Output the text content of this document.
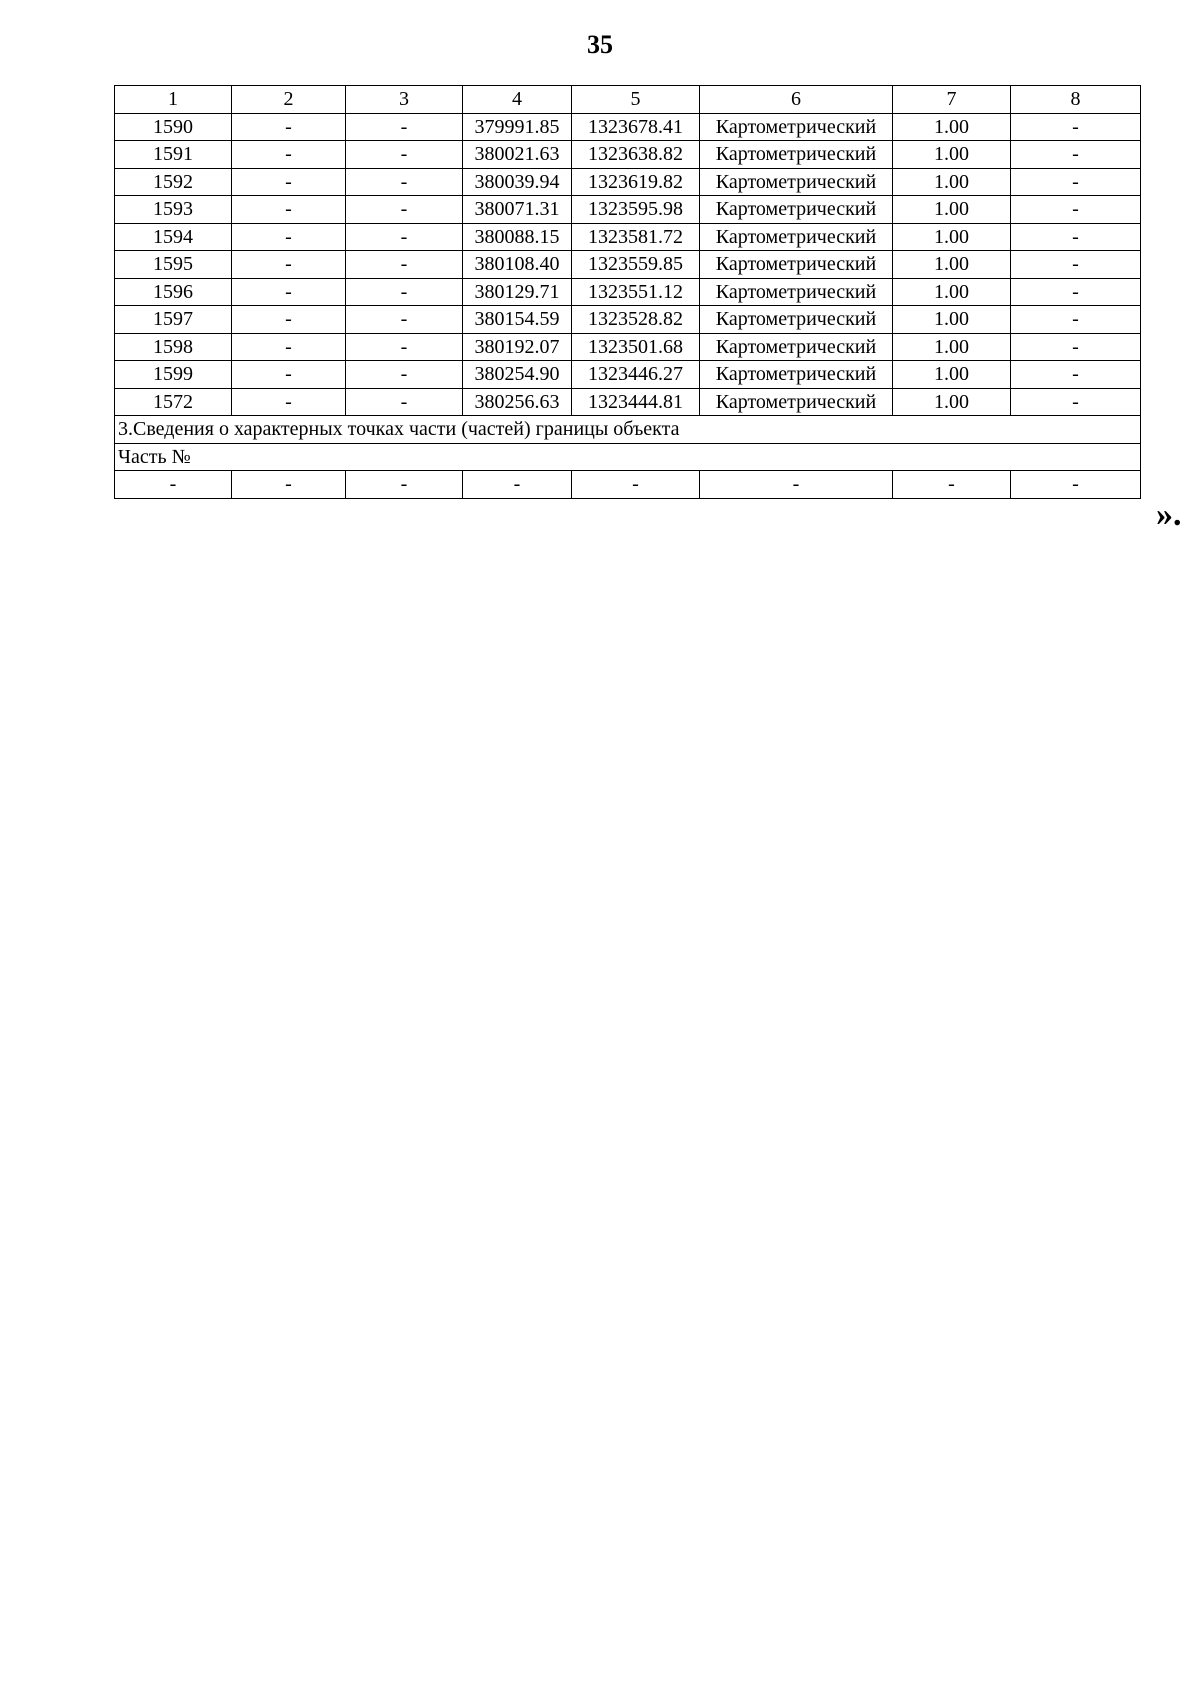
35
1	2	3	4	5	6	7	8
1590	-	-	379991.85	1323678.41	Картометрический	1.00	-
1591	-	-	380021.63	1323638.82	Картометрический	1.00	-
1592	-	-	380039.94	1323619.82	Картометрический	1.00	-
1593	-	-	380071.31	1323595.98	Картометрический	1.00	-
1594	-	-	380088.15	1323581.72	Картометрический	1.00	-
1595	-	-	380108.40	1323559.85	Картометрический	1.00	-
1596	-	-	380129.71	1323551.12	Картометрический	1.00	-
1597	-	-	380154.59	1323528.82	Картометрический	1.00	-
1598	-	-	380192.07	1323501.68	Картометрический	1.00	-
1599	-	-	380254.90	1323446.27	Картометрический	1.00	-
1572	-	-	380256.63	1323444.81	Картометрический	1.00	-
3.Сведения о характерных точках части (частей) границы объекта							
Часть №							
-	-	-	-	-	-	-	-
».
